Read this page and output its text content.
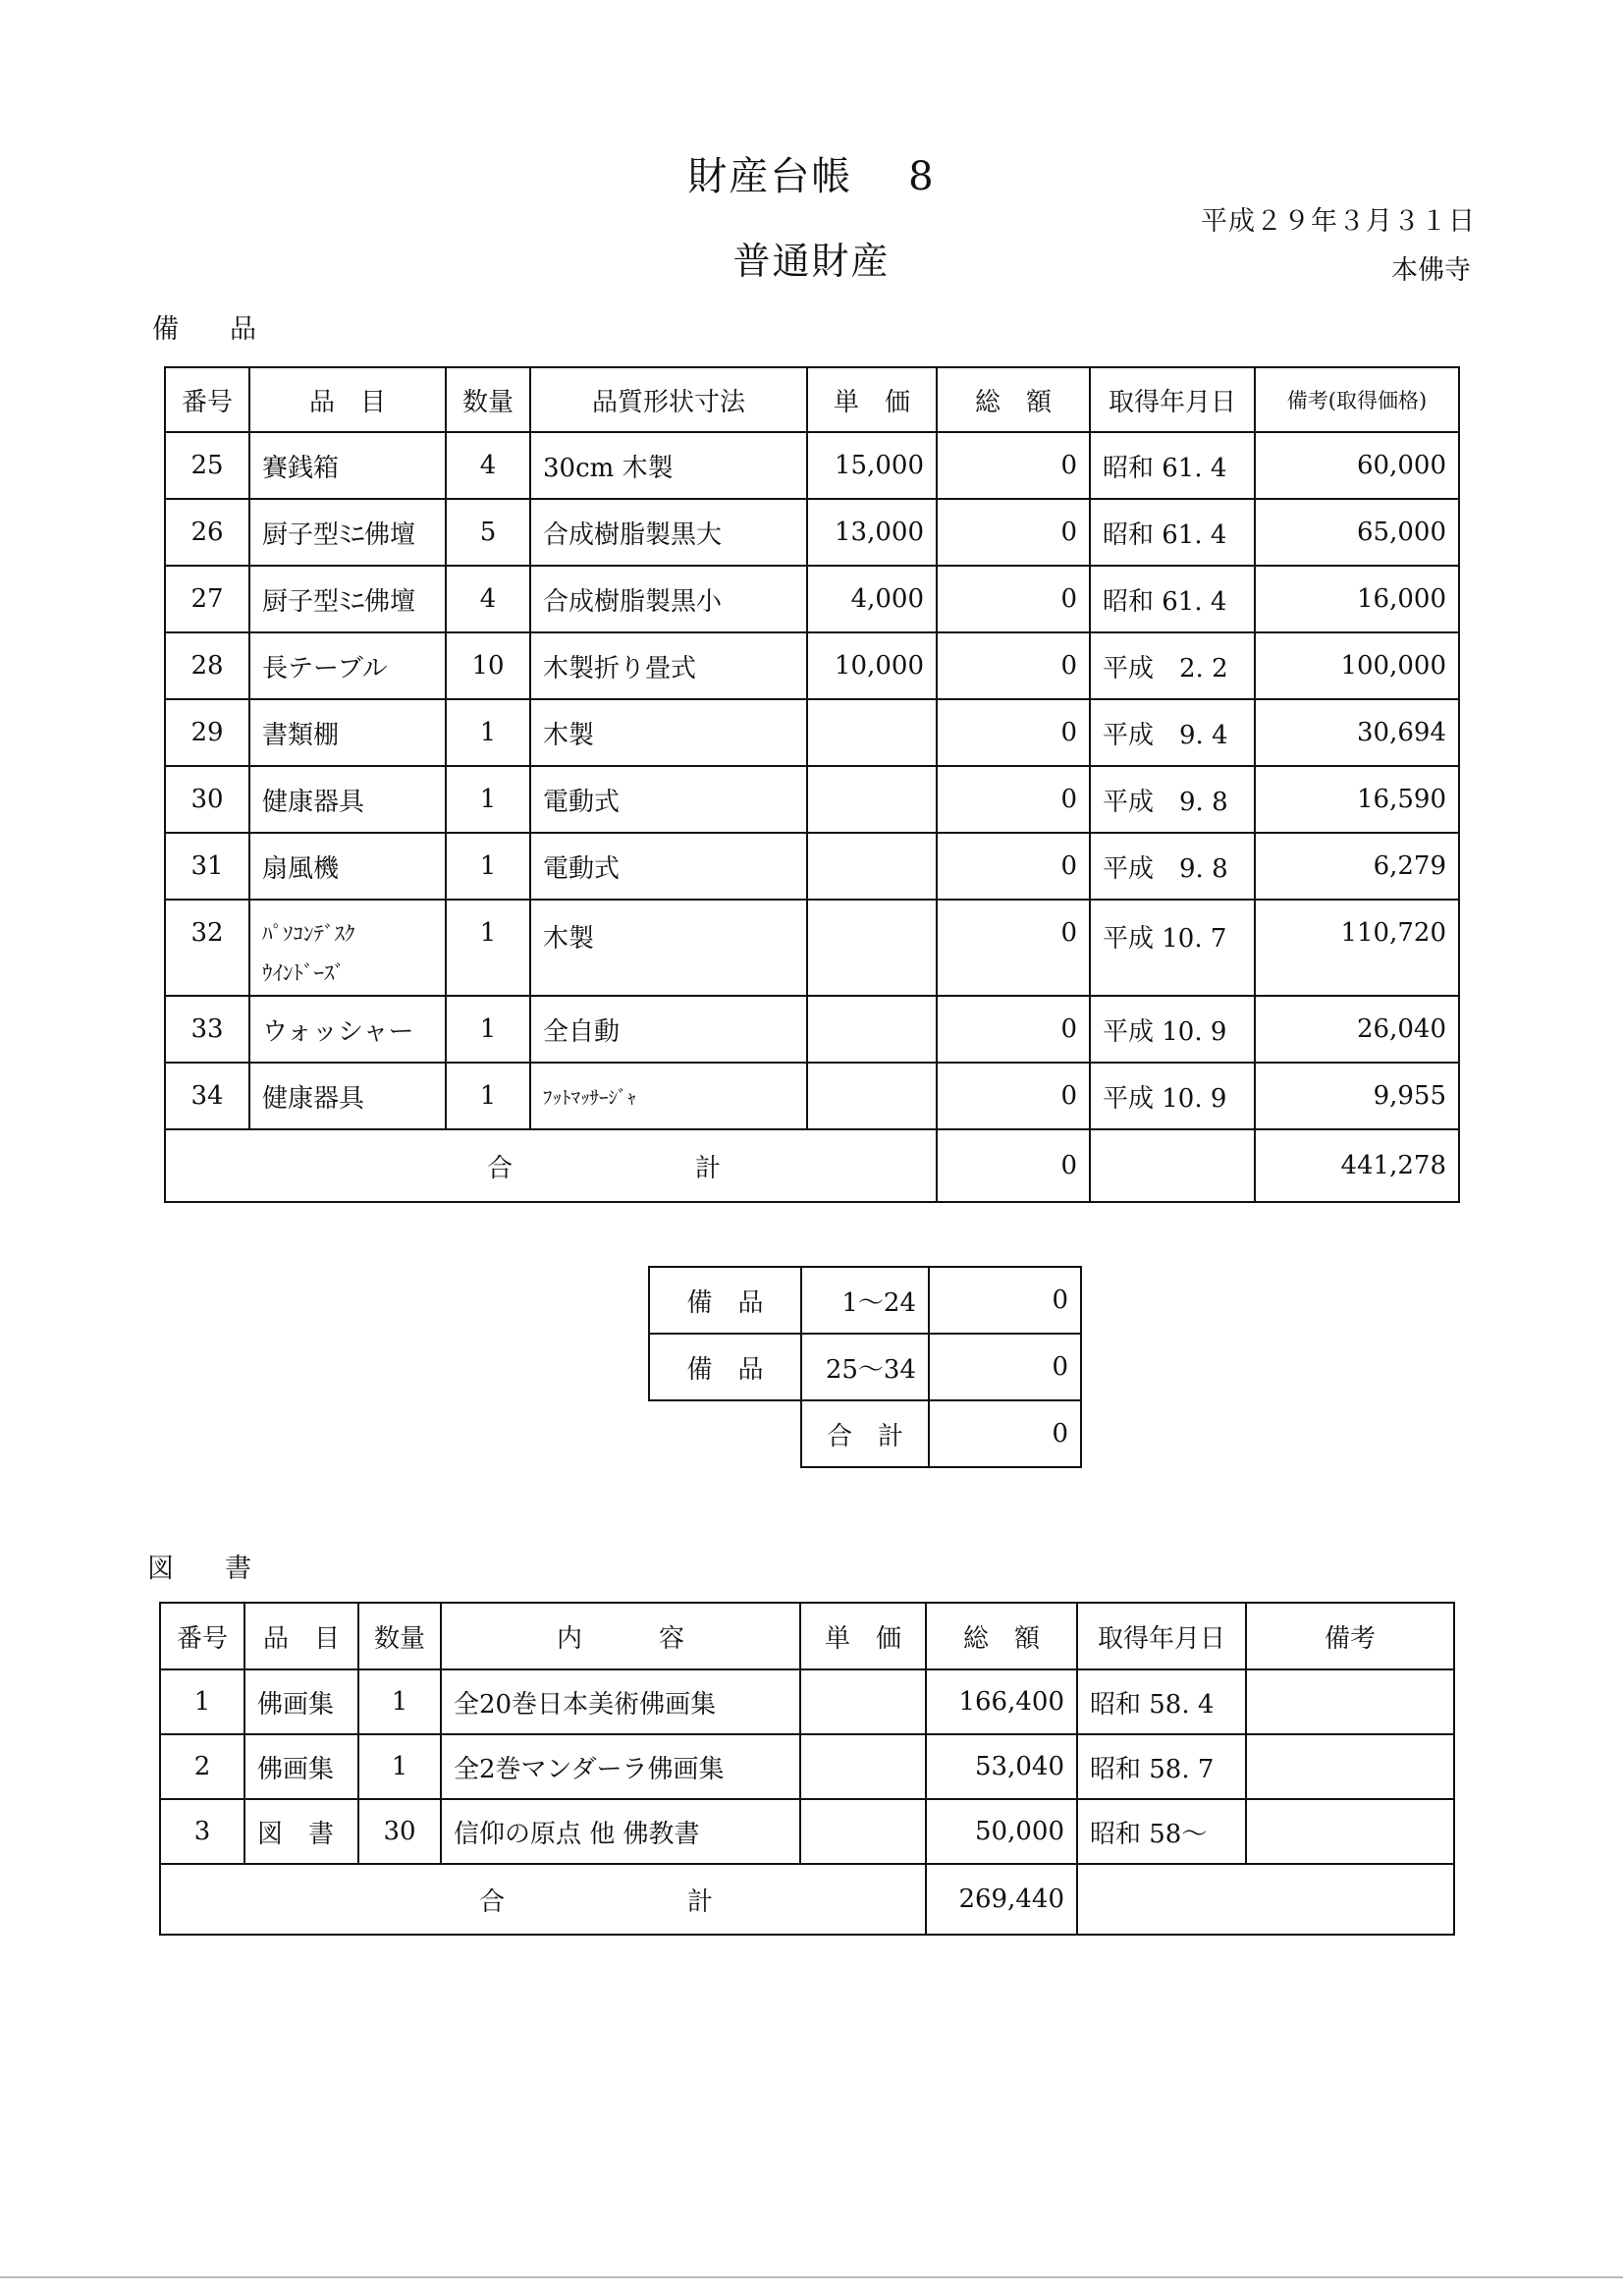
財産台帳　 8
平成２９年３月３１日
普通財産	本佛寺
備品
番号	品　目	数量	品質形状寸法	単　価	総　額	取得年月日	備考(取得価格)
25	賽銭箱	4	30cm 木製	15,000	0	昭和 61. 4	60,000
26	厨子型ﾐﾆ佛壇	5	合成樹脂製黒大	13,000	0	昭和 61. 4	65,000
27	厨子型ﾐﾆ佛壇	4	合成樹脂製黒小	4,000	0	昭和 61. 4	16,000
28	長テーブル	10	木製折り畳式	10,000	0	平成　2. 2	100,000
29	書類棚	1	木製		0	平成　9. 4	30,694
30	健康器具	1	電動式		0	平成　9. 8	16,590
31	扇風機	1	電動式		0	平成　9. 8	6,279
32	ﾊﾟｿｺﾝﾃﾞｽｸ
ｳｲﾝﾄﾞｰｽﾞ	1	木製		0	平成 10. 7	110,720
33	ウォッシャー	1	全自動		0	平成 10. 9	26,040
34	健康器具	1	ﾌｯﾄﾏｯｻｰｼﾞｬ		0	平成 10. 9	9,955
合　計					0		441,278
備　品	1～24	0
備　品	25～34	0
	合　計	0
図書
番号	品　目	数量	内　　　容	単　価	総　額	取得年月日	備考
1	佛画集	1	全20巻日本美術佛画集		166,400	昭和 58. 4	
2	佛画集	1	全2巻マンダーラ佛画集		53,040	昭和 58. 7	
3	図　書	30	信仰の原点 他 佛教書		50,000	昭和 58～	
合　計					269,440		
